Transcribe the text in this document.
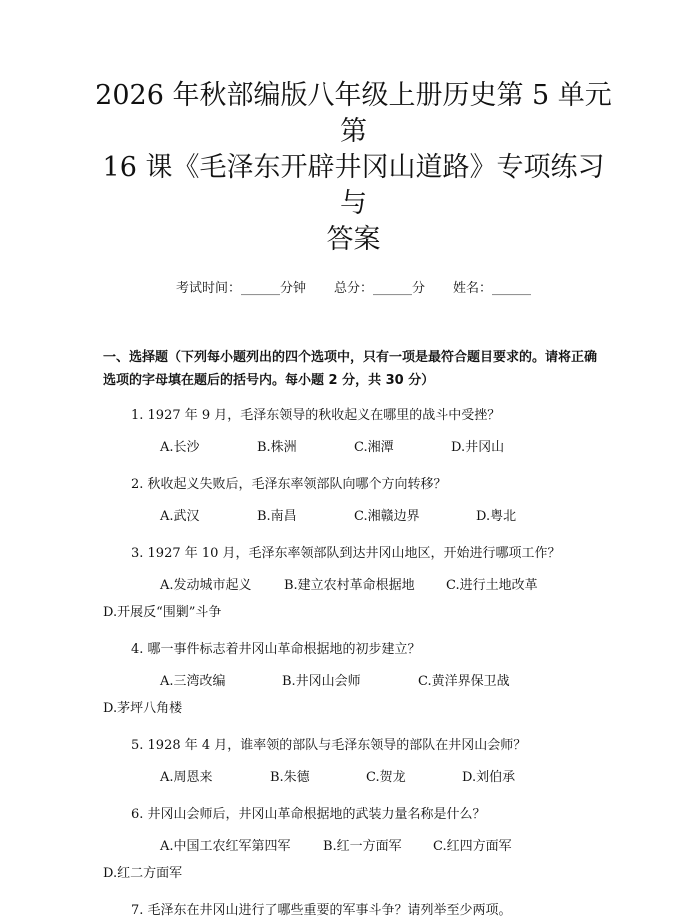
2026 年秋部编版八年级上册历史第 5 单元第
16 课《毛泽东开辟井冈山道路》专项练习与
答案
考试时间：______分钟 总分：______分 姓名：______
一、选择题（下列每小题列出的四个选项中，只有一项是最符合题目要求的。请将正确选项的字母填在题后的括号内。每小题 2 分，共 30 分）
1. 1927 年 9 月，毛泽东领导的秋收起义在哪里的战斗中受挫？
A.长沙	B.株洲	C.湘潭	D.井冈山
2. 秋收起义失败后，毛泽东率领部队向哪个方向转移？
A.武汉	B.南昌	C.湘赣边界	D.粤北
3. 1927 年 10 月，毛泽东率领部队到达井冈山地区，开始进行哪项工作？
A.发动城市起义 B.建立农村革命根据地 C.进行土地改革D.开展反“围剿”斗争
4. 哪一事件标志着井冈山革命根据地的初步建立？
A.三湾改编	B.井冈山会师	C.黄洋界保卫战D.茅坪八角楼
5. 1928 年 4 月，谁率领的部队与毛泽东领导的部队在井冈山会师？
A.周恩来	B.朱德	C.贺龙	D.刘伯承
6. 井冈山会师后，井冈山革命根据地的武装力量名称是什么？
A.中国工农红军第四军 B.红一方面军 C.红四方面军D.红二方面军
7. 毛泽东在井冈山进行了哪些重要的军事斗争？请列举至少两项。
